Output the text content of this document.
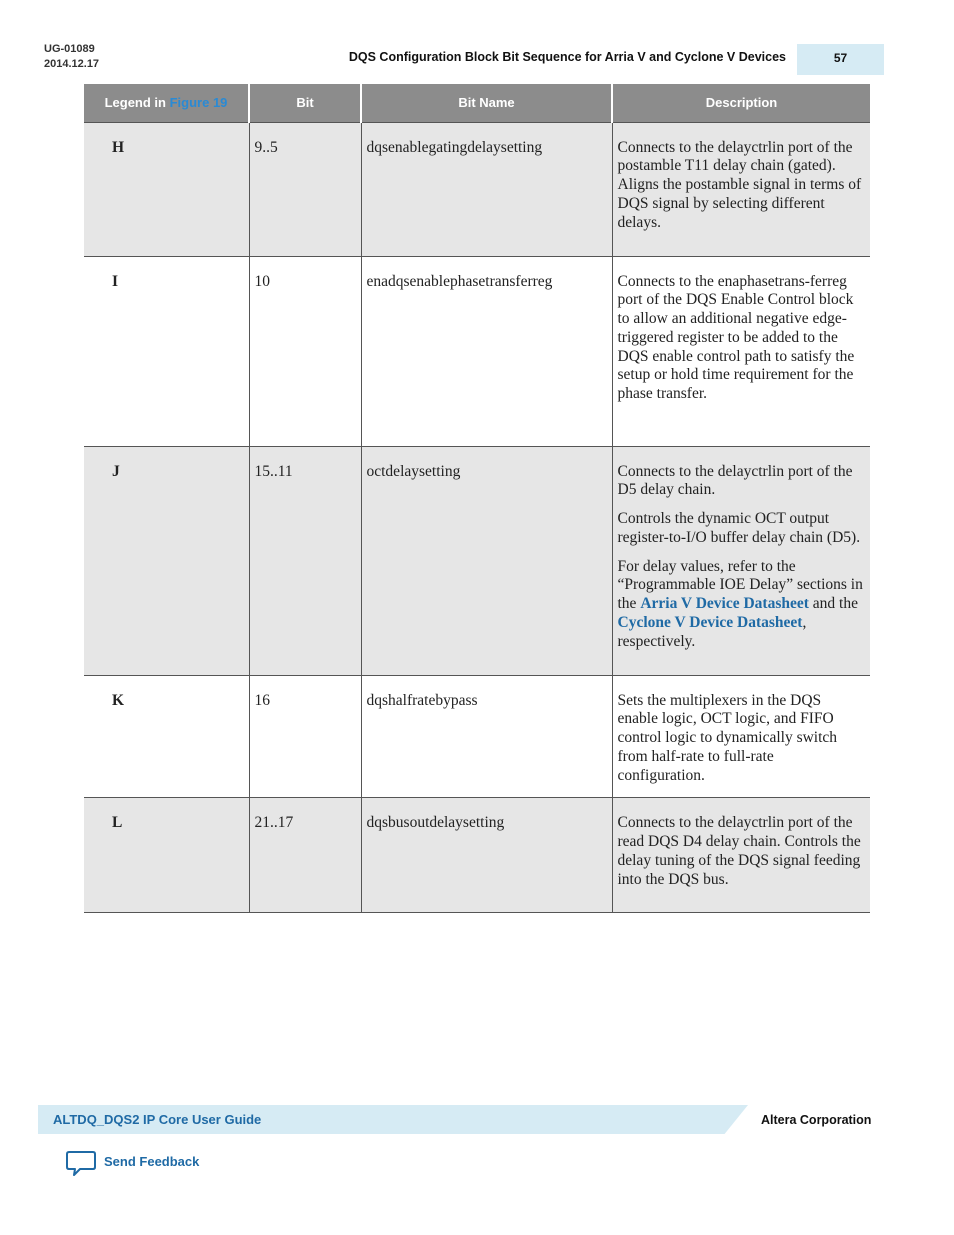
UG-01089
2014.12.17	DQS Configuration Block Bit Sequence for Arria V and Cyclone V Devices	57
Legend in Figure 19	Bit	Bit Name	Description
H	9..5	dqsenablegatingdelaysetting	Connects to the delayctrlin port of the postamble T11 delay chain (gated). Aligns the postamble signal in terms of DQS signal by selecting different delays.
I	10	enadqsenablephasetransferreg	Connects to the enaphasetrans-ferreg port of the DQS Enable Control block to allow an additional negative edge-triggered register to be added to the DQS enable control path to satisfy the setup or hold time requirement for the phase transfer.
J	15..11	octdelaysetting	Connects to the delayctrlin port of the D5 delay chain.

Controls the dynamic OCT output register-to-I/O buffer delay chain (D5).

For delay values, refer to the “Programmable IOE Delay” sections in the Arria V Device Datasheet and the Cyclone V Device Datasheet, respectively.

K	16	dqshalfratebypass	Sets the multiplexers in the DQS enable logic, OCT logic, and FIFO control logic to dynamically switch from half-rate to full-rate configuration.
L	21..17	dqsbusoutdelaysetting	Connects to the delayctrlin port of the read DQS D4 delay chain. Controls the delay tuning of the DQS signal feeding into the DQS bus.
ALTDQ_DQS2 IP Core User Guide	Altera Corporation
Send Feedback
